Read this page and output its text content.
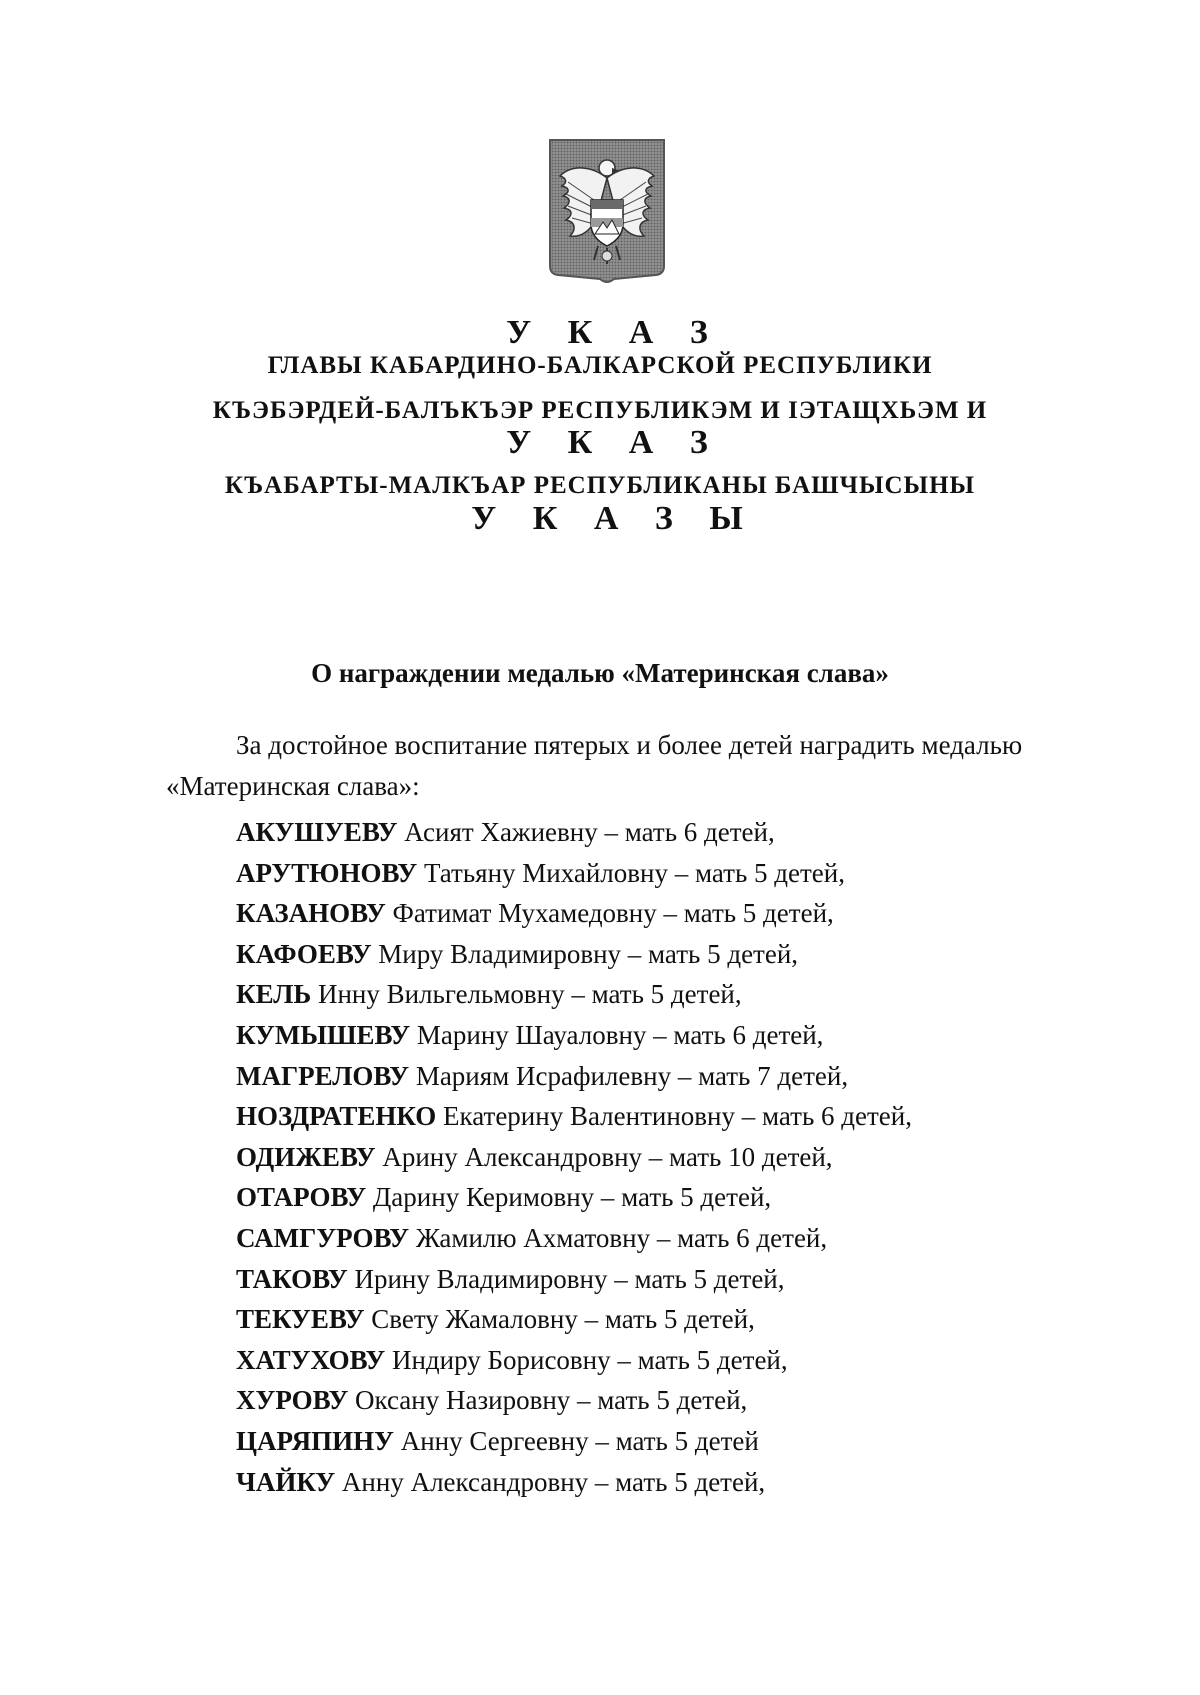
У К А З
ГЛАВЫ КАБАРДИНО-БАЛКАРСКОЙ РЕСПУБЛИКИ
КЪЭБЭРДЕЙ-БАЛЪКЪЭР РЕСПУБЛИКЭМ И IЭТАЩХЬЭМ И
У К А З
КЪАБАРТЫ-МАЛКЪАР РЕСПУБЛИКАНЫ БАШЧЫСЫНЫ
У К А З Ы
О награждении медалью «Материнская слава»
За достойное воспитание пятерых и более детей наградить медалью
«Материнская слава»:
АКУШУЕВУ Асият Хажиевну – мать 6 детей,
АРУТЮНОВУ Татьяну Михайловну – мать 5 детей,
КАЗАНОВУ Фатимат Мухамедовну – мать 5 детей,
КАФОЕВУ Миру Владимировну – мать 5 детей,
КЕЛЬ Инну Вильгельмовну – мать 5 детей,
КУМЫШЕВУ Марину Шауаловну – мать 6 детей,
МАГРЕЛОВУ Мариям Исрафилевну – мать 7 детей,
НОЗДРАТЕНКО Екатерину Валентиновну – мать 6 детей,
ОДИЖЕВУ Арину Александровну – мать 10 детей,
ОТАРОВУ Дарину Керимовну – мать 5 детей,
САМГУРОВУ Жамилю Ахматовну – мать 6 детей,
ТАКОВУ Ирину Владимировну – мать 5 детей,
ТЕКУЕВУ Свету Жамаловну – мать 5 детей,
ХАТУХОВУ Индиру Борисовну – мать 5 детей,
ХУРОВУ Оксану Назировну – мать 5 детей,
ЦАРЯПИНУ Анну Сергеевну – мать 5 детей
ЧАЙКУ Анну Александровну – мать 5 детей,
